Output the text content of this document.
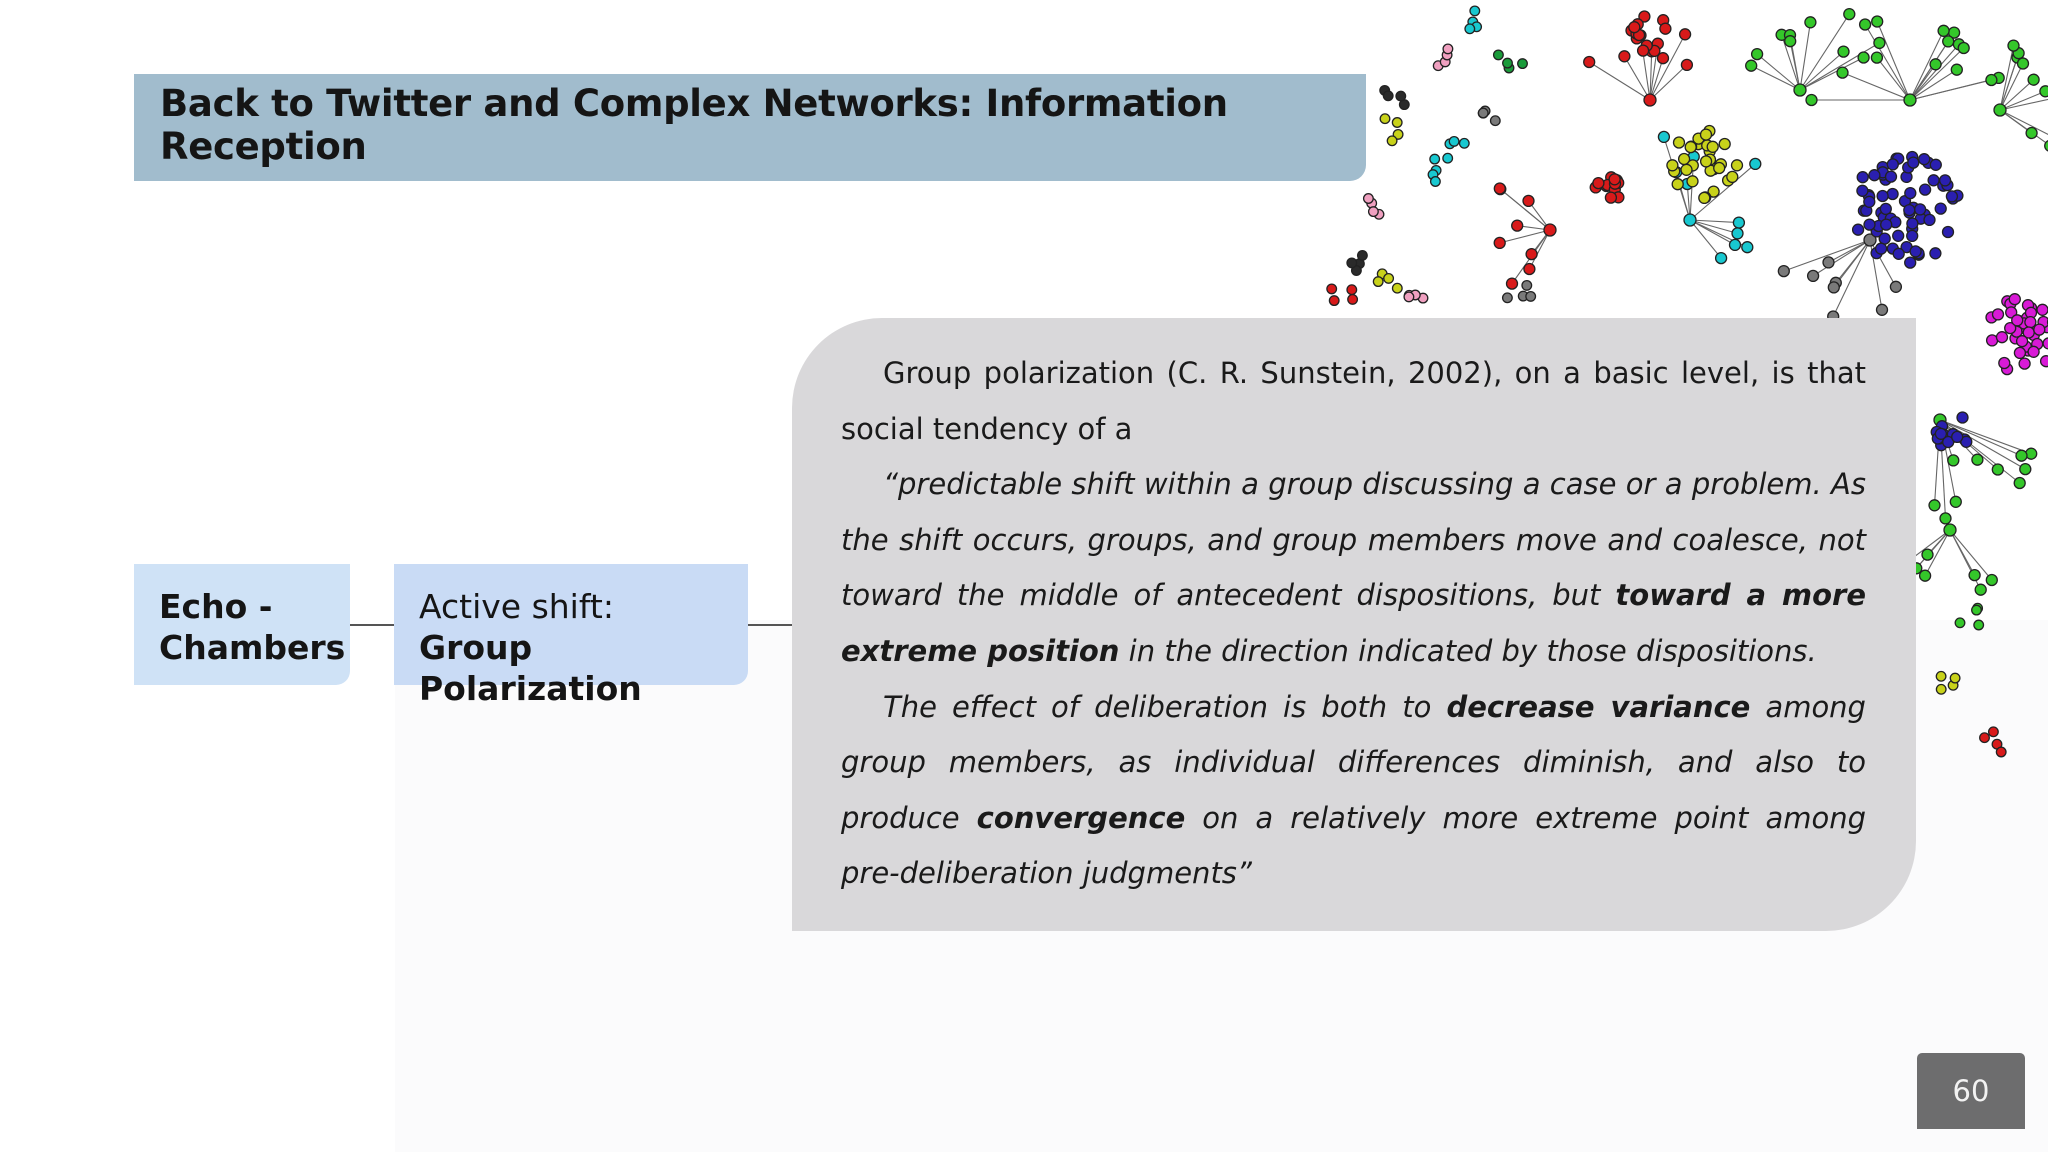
Back to Twitter and Complex Networks: Information Reception
Echo -
Chambers
Active shift:
Group Polarization

Group polarization (C. R. Sunstein, 2002), on a basic level, is that social tendency of a

“predictable shift within a group discussing a case or a problem. As the shift occurs, groups, and group members move and coalesce, not toward the middle of antecedent dispositions, but toward a more extreme position in the direction indicated by those dispositions.

The effect of deliberation is both to decrease variance among group members, as individual differences diminish, and also to produce convergence on a relatively more extreme point among pre-deliberation judgments”

60
